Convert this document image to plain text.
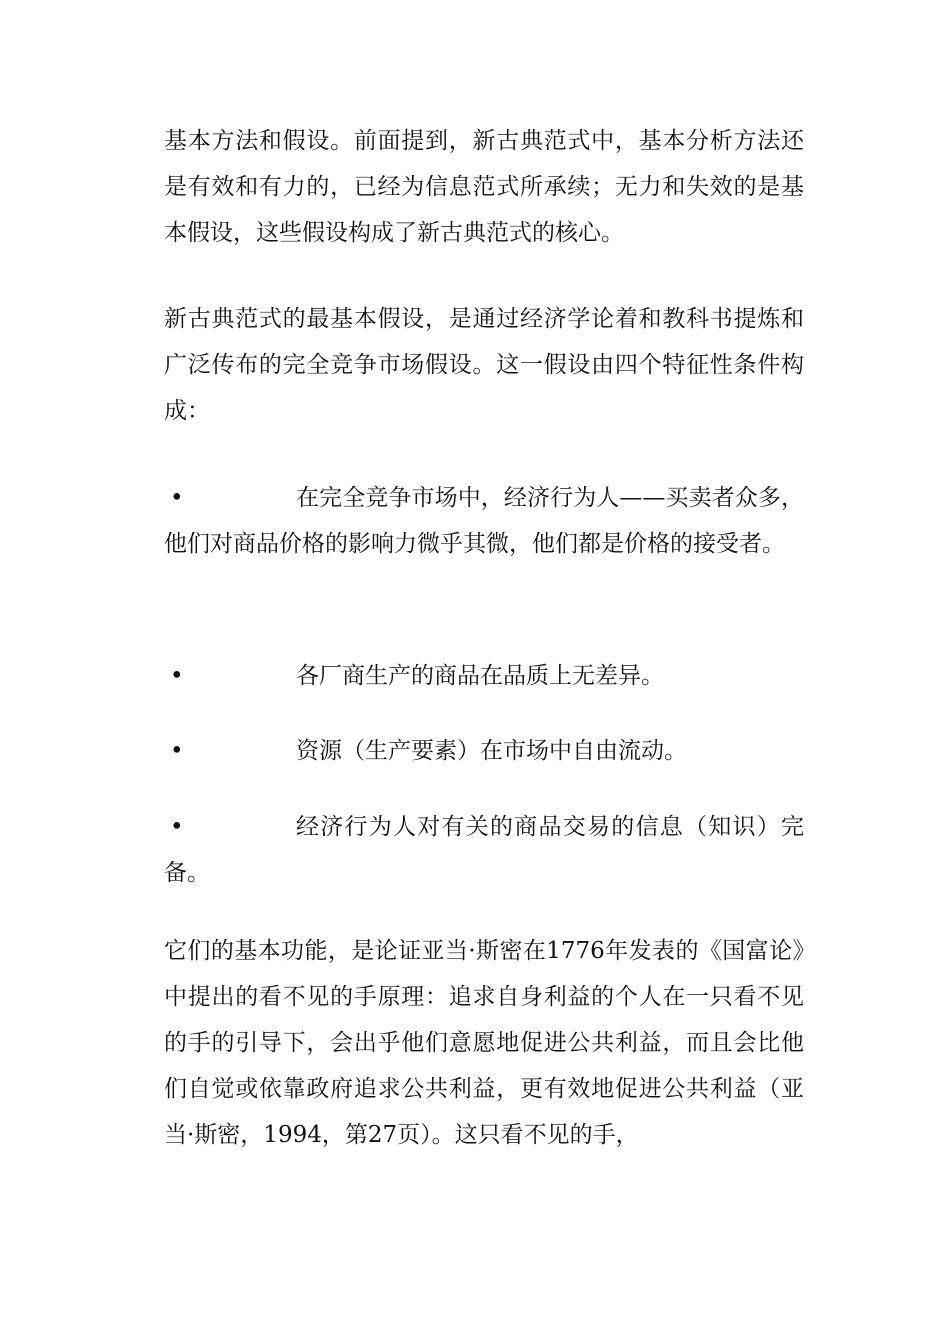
基本方法和假设。前面提到，新古典范式中，基本分析方法还是有效和有力的，已经为信息范式所承续；无力和失效的是基本假设，这些假设构成了新古典范式的核心。

新古典范式的最基本假设，是通过经济学论着和教科书提炼和广泛传布的完全竞争市场假设。这一假设由四个特征性条件构成：

•	在完全竞争市场中，经济行为人——买卖者众多，他们对商品价格的影响力微乎其微，他们都是价格的接受者。
•	各厂商生产的商品在品质上无差异。
•	资源（生产要素）在市场中自由流动。
•	经济行为人对有关的商品交易的信息（知识）完备。

它们的基本功能，是论证亚当·斯密在1776年发表的《国富论》中提出的看不见的手原理：追求自身利益的个人在一只看不见的手的引导下，会出乎他们意愿地促进公共利益，而且会比他们自觉或依靠政府追求公共利益，更有效地促进公共利益（亚当·斯密，1994，第27页）。这只看不见的手，
